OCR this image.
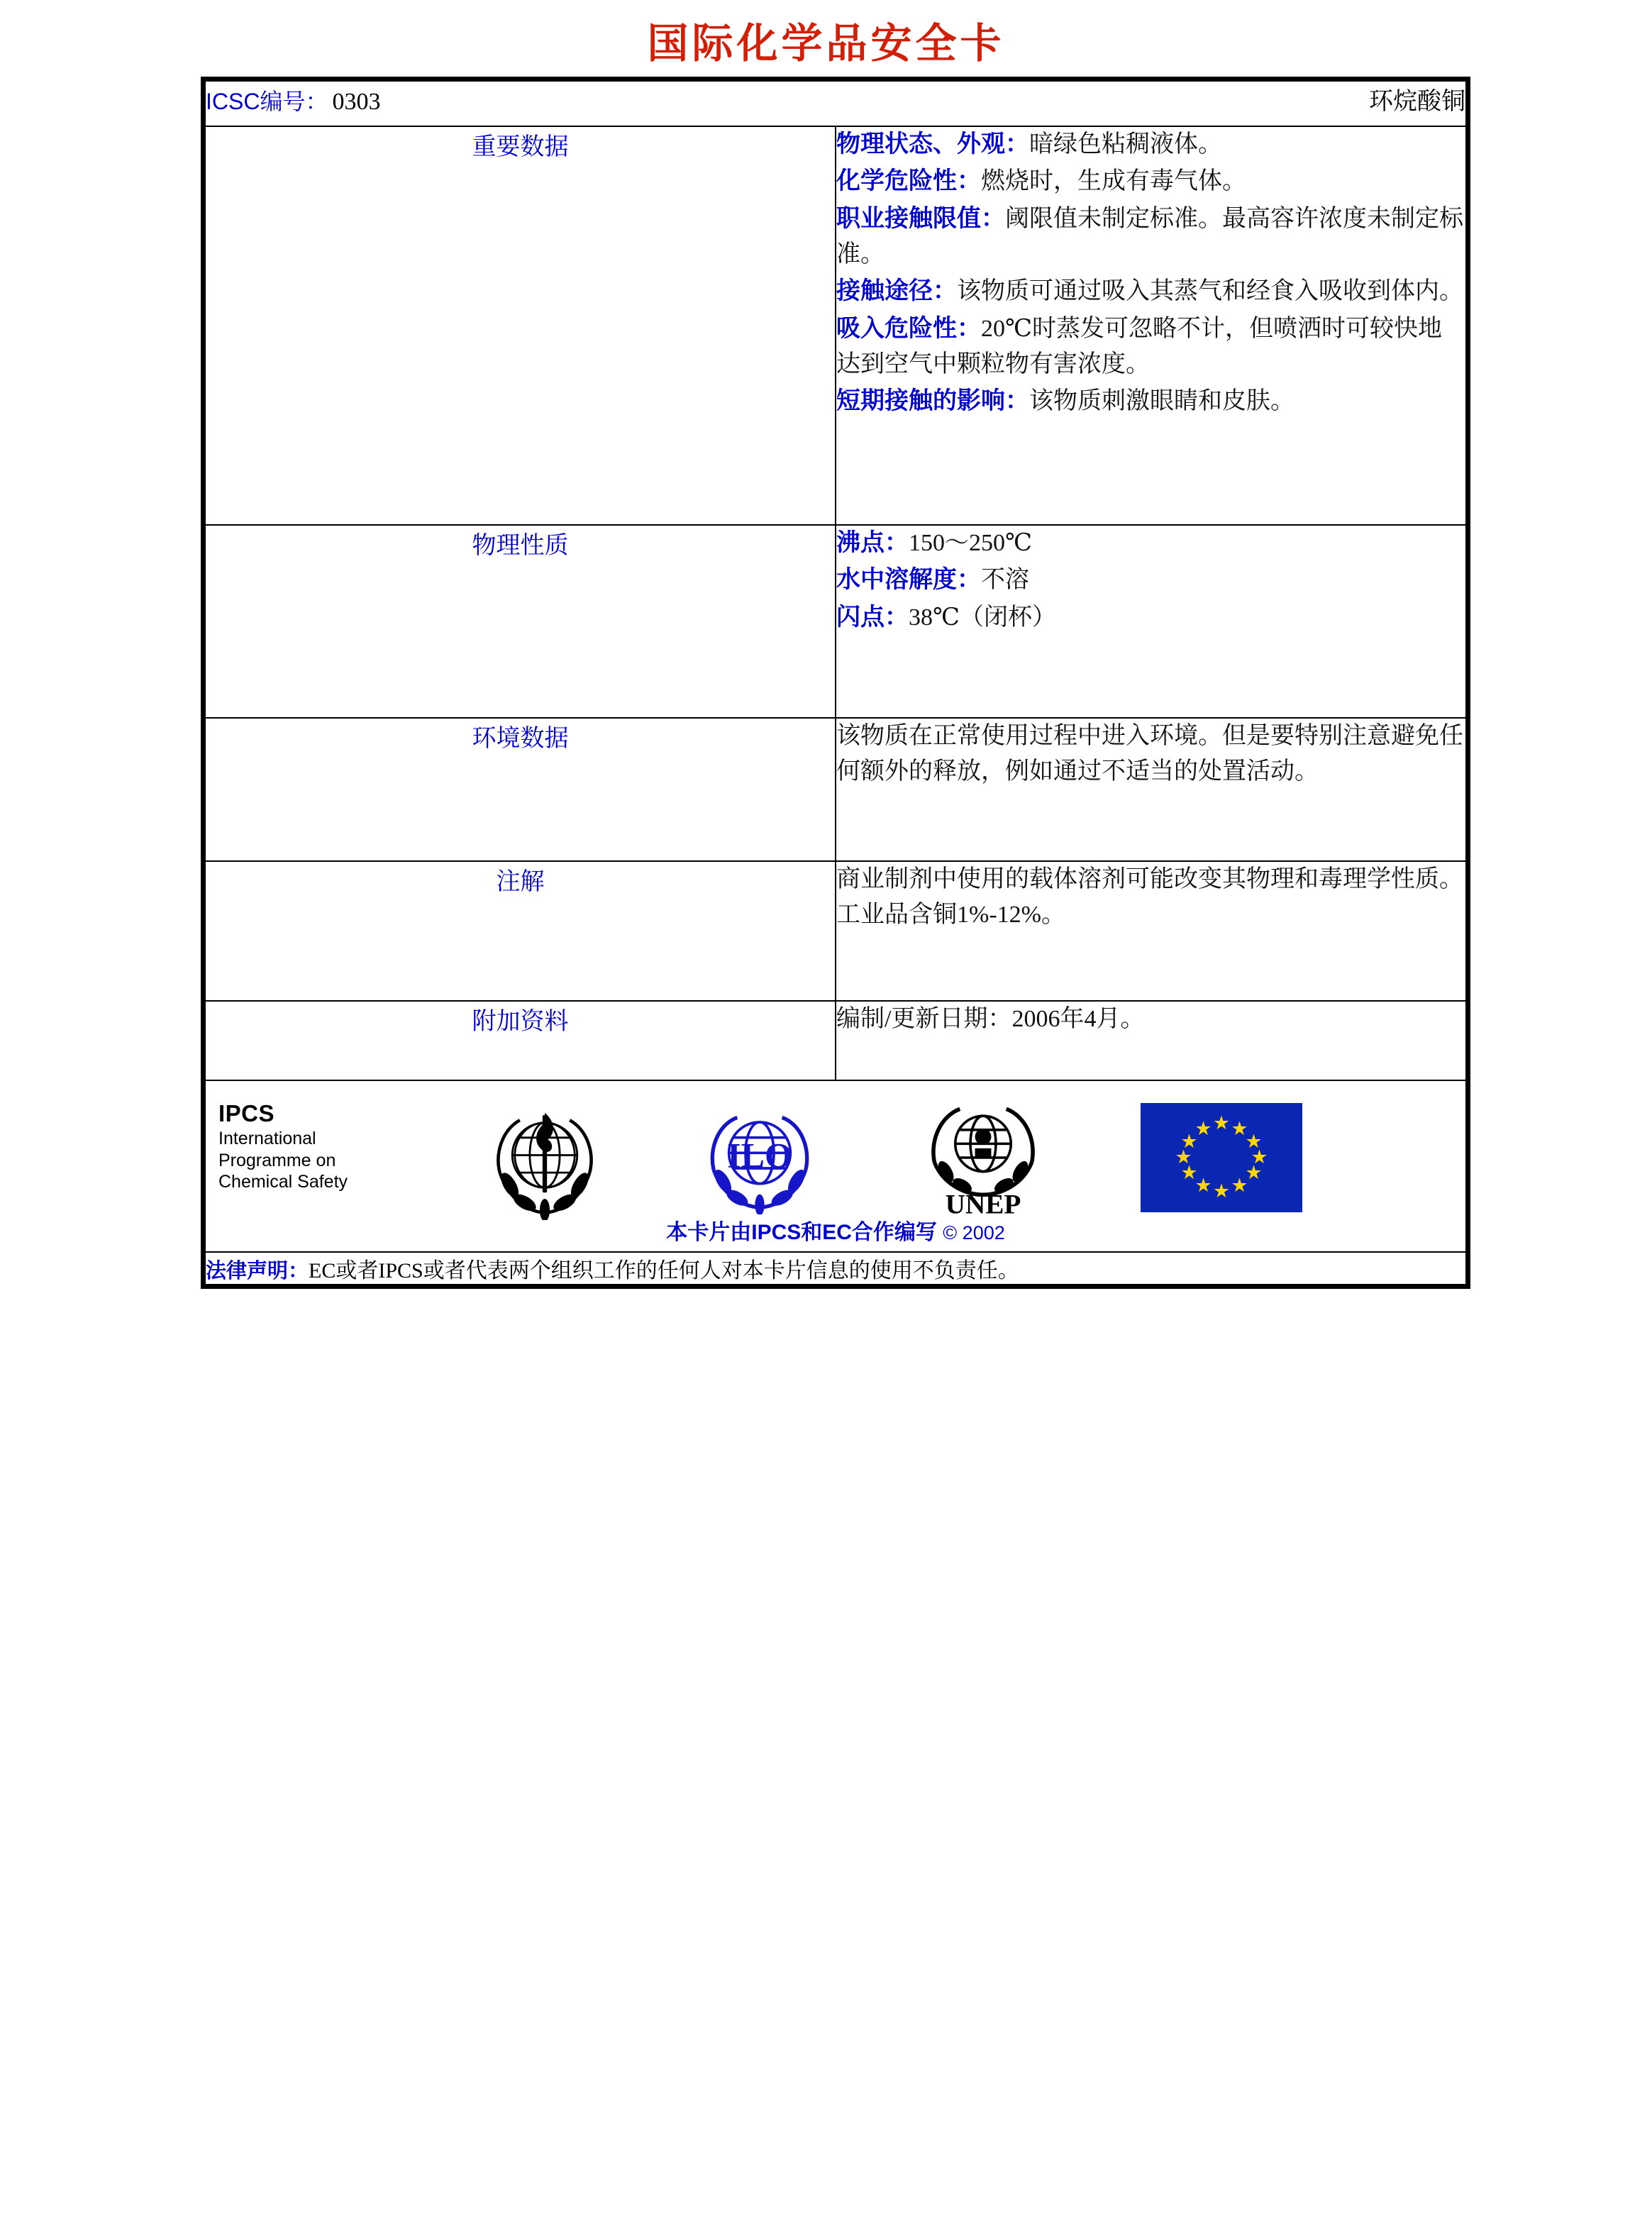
国际化学品安全卡
ICSC编号： 0303 环烷酸铜	

重要数据	物理状态、外观：暗绿色粘稠液体。

化学危险性：燃烧时，生成有毒气体。

职业接触限值：阈限值未制定标准。最高容许浓度未制定标准。

接触途径：该物质可通过吸入其蒸气和经食入吸收到体内。

吸入危险性：20℃时蒸发可忽略不计，但喷洒时可较快地达到空气中颗粒物有害浓度。

短期接触的影响：该物质刺激眼睛和皮肤。

物理性质	沸点：150～250℃

水中溶解度：不溶

闪点：38℃（闭杯）

环境数据	该物质在正常使用过程中进入环境。但是要特别注意避免任何额外的释放，例如通过不适当的处置活动。

注解	商业制剂中使用的载体溶剂可能改变其物理和毒理学性质。工业品含铜1%-12%。

附加资料	编制/更新日期：2006年4月。

IPCS
International
Programme on
Chemical Safety
ILO
UNEP
★ ★
★
★
★
★
★
★
★
★
★
★
本卡片由IPCS和EC合作编写 © 2002

法律声明：EC或者IPCS或者代表两个组织工作的任何人对本卡片信息的使用不负责任。	
